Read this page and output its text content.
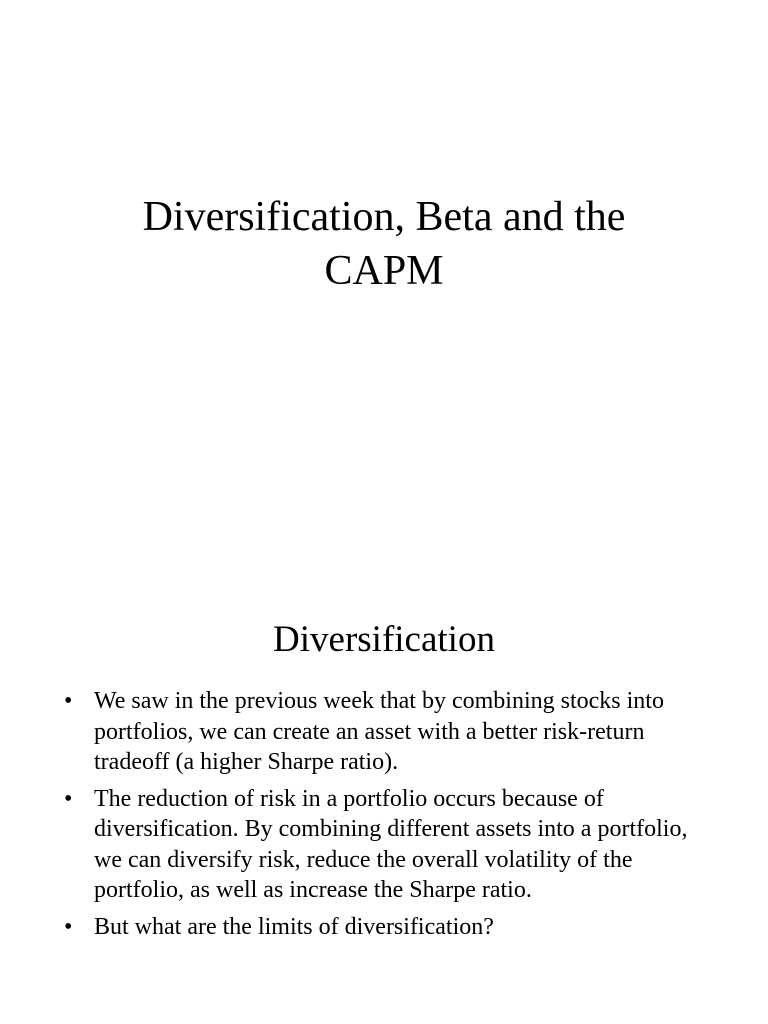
Diversification, Beta and the
CAPM
Diversification
• We saw in the previous week that by combining stocks into portfolios, we can create an asset with a better risk-return tradeoff (a higher Sharpe ratio).
• The reduction of risk in a portfolio occurs because of diversification. By combining different assets into a portfolio, we can diversify risk, reduce the overall volatility of the portfolio, as well as increase the Sharpe ratio.
• But what are the limits of diversification?
